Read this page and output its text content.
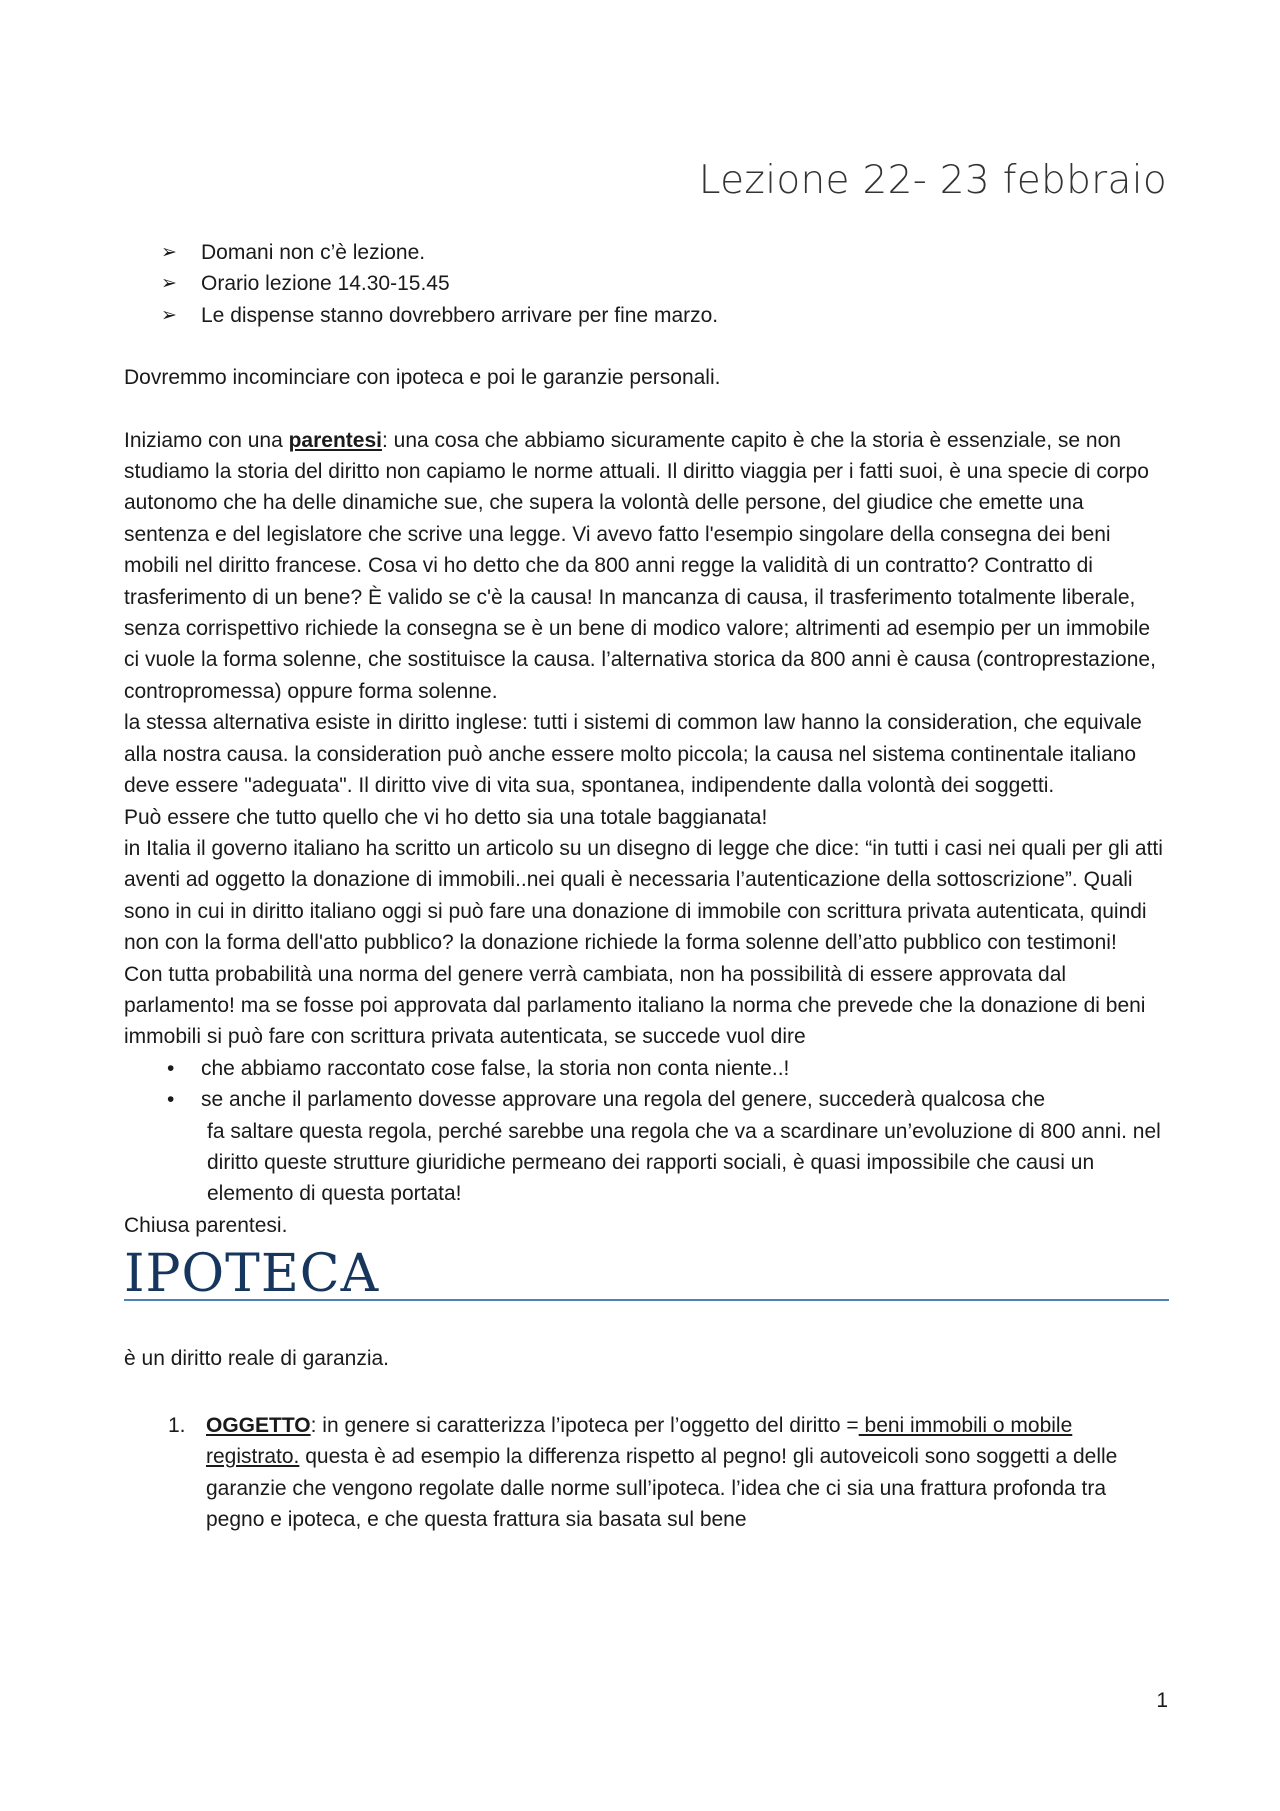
Lezione 22- 23 febbraio
➢ Domani non c’è lezione.
➢ Orario lezione 14.30-15.45
➢ Le dispense stanno dovrebbero arrivare per fine marzo.

Dovremmo incominciare con ipoteca e poi le garanzie personali.

Iniziamo con una parentesi: una cosa che abbiamo sicuramente capito è che la storia è essenziale, se non studiamo la storia del diritto non capiamo le norme attuali. Il diritto viaggia per i fatti suoi, è una specie di corpo autonomo che ha delle dinamiche sue, che supera la volontà delle persone, del giudice che emette una sentenza e del legislatore che scrive una legge. Vi avevo fatto l'esempio singolare della consegna dei beni mobili nel diritto francese. Cosa vi ho detto che da 800 anni regge la validità di un contratto? Contratto di trasferimento di un bene? È valido se c'è la causa! In mancanza di causa, il trasferimento totalmente liberale, senza corrispettivo richiede la consegna se è un bene di modico valore; altrimenti ad esempio per un immobile ci vuole la forma solenne, che sostituisce la causa. l’alternativa storica da 800 anni è causa (controprestazione, contropromessa) oppure forma solenne.

la stessa alternativa esiste in diritto inglese: tutti i sistemi di common law hanno la consideration, che equivale alla nostra causa. la consideration può anche essere molto piccola; la causa nel sistema continentale italiano deve essere "adeguata". Il diritto vive di vita sua, spontanea, indipendente dalla volontà dei soggetti.

Può essere che tutto quello che vi ho detto sia una totale baggianata!

in Italia il governo italiano ha scritto un articolo su un disegno di legge che dice: “in tutti i casi nei quali per gli atti aventi ad oggetto la donazione di immobili..nei quali è necessaria l’autenticazione della sottoscrizione”. Quali sono in cui in diritto italiano oggi si può fare una donazione di immobile con scrittura privata autenticata, quindi non con la forma dell'atto pubblico? la donazione richiede la forma solenne dell’atto pubblico con testimoni!

Con tutta probabilità una norma del genere verrà cambiata, non ha possibilità di essere approvata dal parlamento! ma se fosse poi approvata dal parlamento italiano la norma che prevede che la donazione di beni immobili si può fare con scrittura privata autenticata, se succede vuol dire

• che abbiamo raccontato cose false, la storia non conta niente..!
• se anche il parlamento dovesse approvare una regola del genere, succederà qualcosa che
fa saltare questa regola, perché sarebbe una regola che va a scardinare un’evoluzione di 800 anni. nel diritto queste strutture giuridiche permeano dei rapporti sociali, è quasi impossibile che causi un elemento di questa portata!

Chiusa parentesi.

IPOTECA

è un diritto reale di garanzia.

1. OGGETTO: in genere si caratterizza l’ipoteca per l’oggetto del diritto = beni immobili o mobile registrato. questa è ad esempio la differenza rispetto al pegno! gli autoveicoli sono soggetti a delle garanzie che vengono regolate dalle norme sull’ipoteca. l’idea che ci sia una frattura profonda tra pegno e ipoteca, e che questa frattura sia basata sul bene
1
